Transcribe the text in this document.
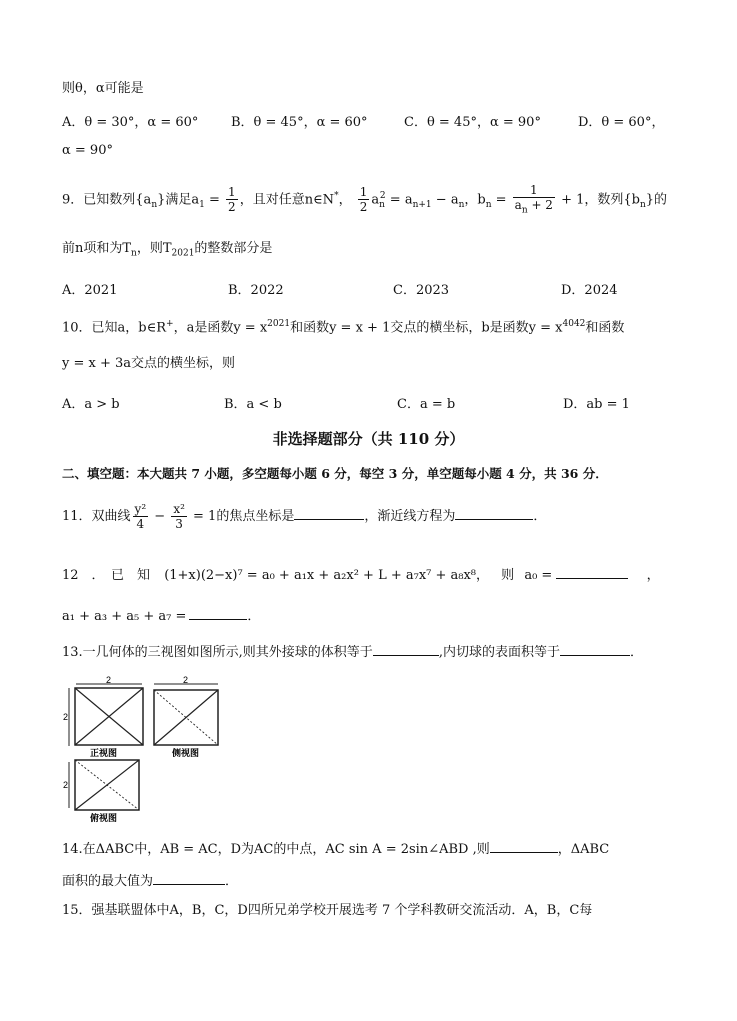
则θ，α可能是
A．θ = 30°，α = 60°	B．θ = 45°，α = 60°	C．θ = 45°，α = 90°	D．θ = 60°，
α = 90°
9．已知数列$\{a_n\}$满足$a_1 = \frac{1}{2}$ ，且对任意n∈N*， $\frac{1}{2} a_n^2 = a_{n+1} - a_n$，$b_n = \frac{1}{a_n + 2} + 1$，数列$\{b_n\}$的
前n项和为$T_n$，则$T_{2021}$的整数部分是
A．2021	B．2022	C．2023	D．2024
10．已知a，b∈R+，a是函数$y = x^{2021}$和函数y = x + 1交点的横坐标，b是函数$y = x^{4042}$和函数
y = x + 3a交点的横坐标，则
A．a > b	B．a < b	C．a = b	D．ab = 1
非选择题部分（共 110 分）
二、填空题：本大题共 7 小题，多空题每小题 6 分，每空 3 分，单空题每小题 4 分，共 36 分．
11．双曲线 $\frac{\text{y²}}{4} - \frac{\text{x²}}{3} = 1$的焦点坐标是	，渐近线方程为	．
12　．　已　知 (1+x)(2−x)⁷ = a₀ + a₁x + a₂x² + L + a₇x⁷ + a₈x⁸， 则 a₀ =	，
a₁ + a₃ + a₅ + a₇ =	．
13.一几何体的三视图如图所示,则其外接球的体积等于	,内切球的表面积等于	．
2
2
正视图
2
侧视图
2
俯视图
14.在ΔABC中，AB = AC，D为AC的中点，AC sin A = 2sin∠ABD ,则	，ΔABC
面积的最大值为	．
15．强基联盟体中A，B，C，D四所兄弟学校开展选考 7 个学科教研交流活动．A，B，C每
